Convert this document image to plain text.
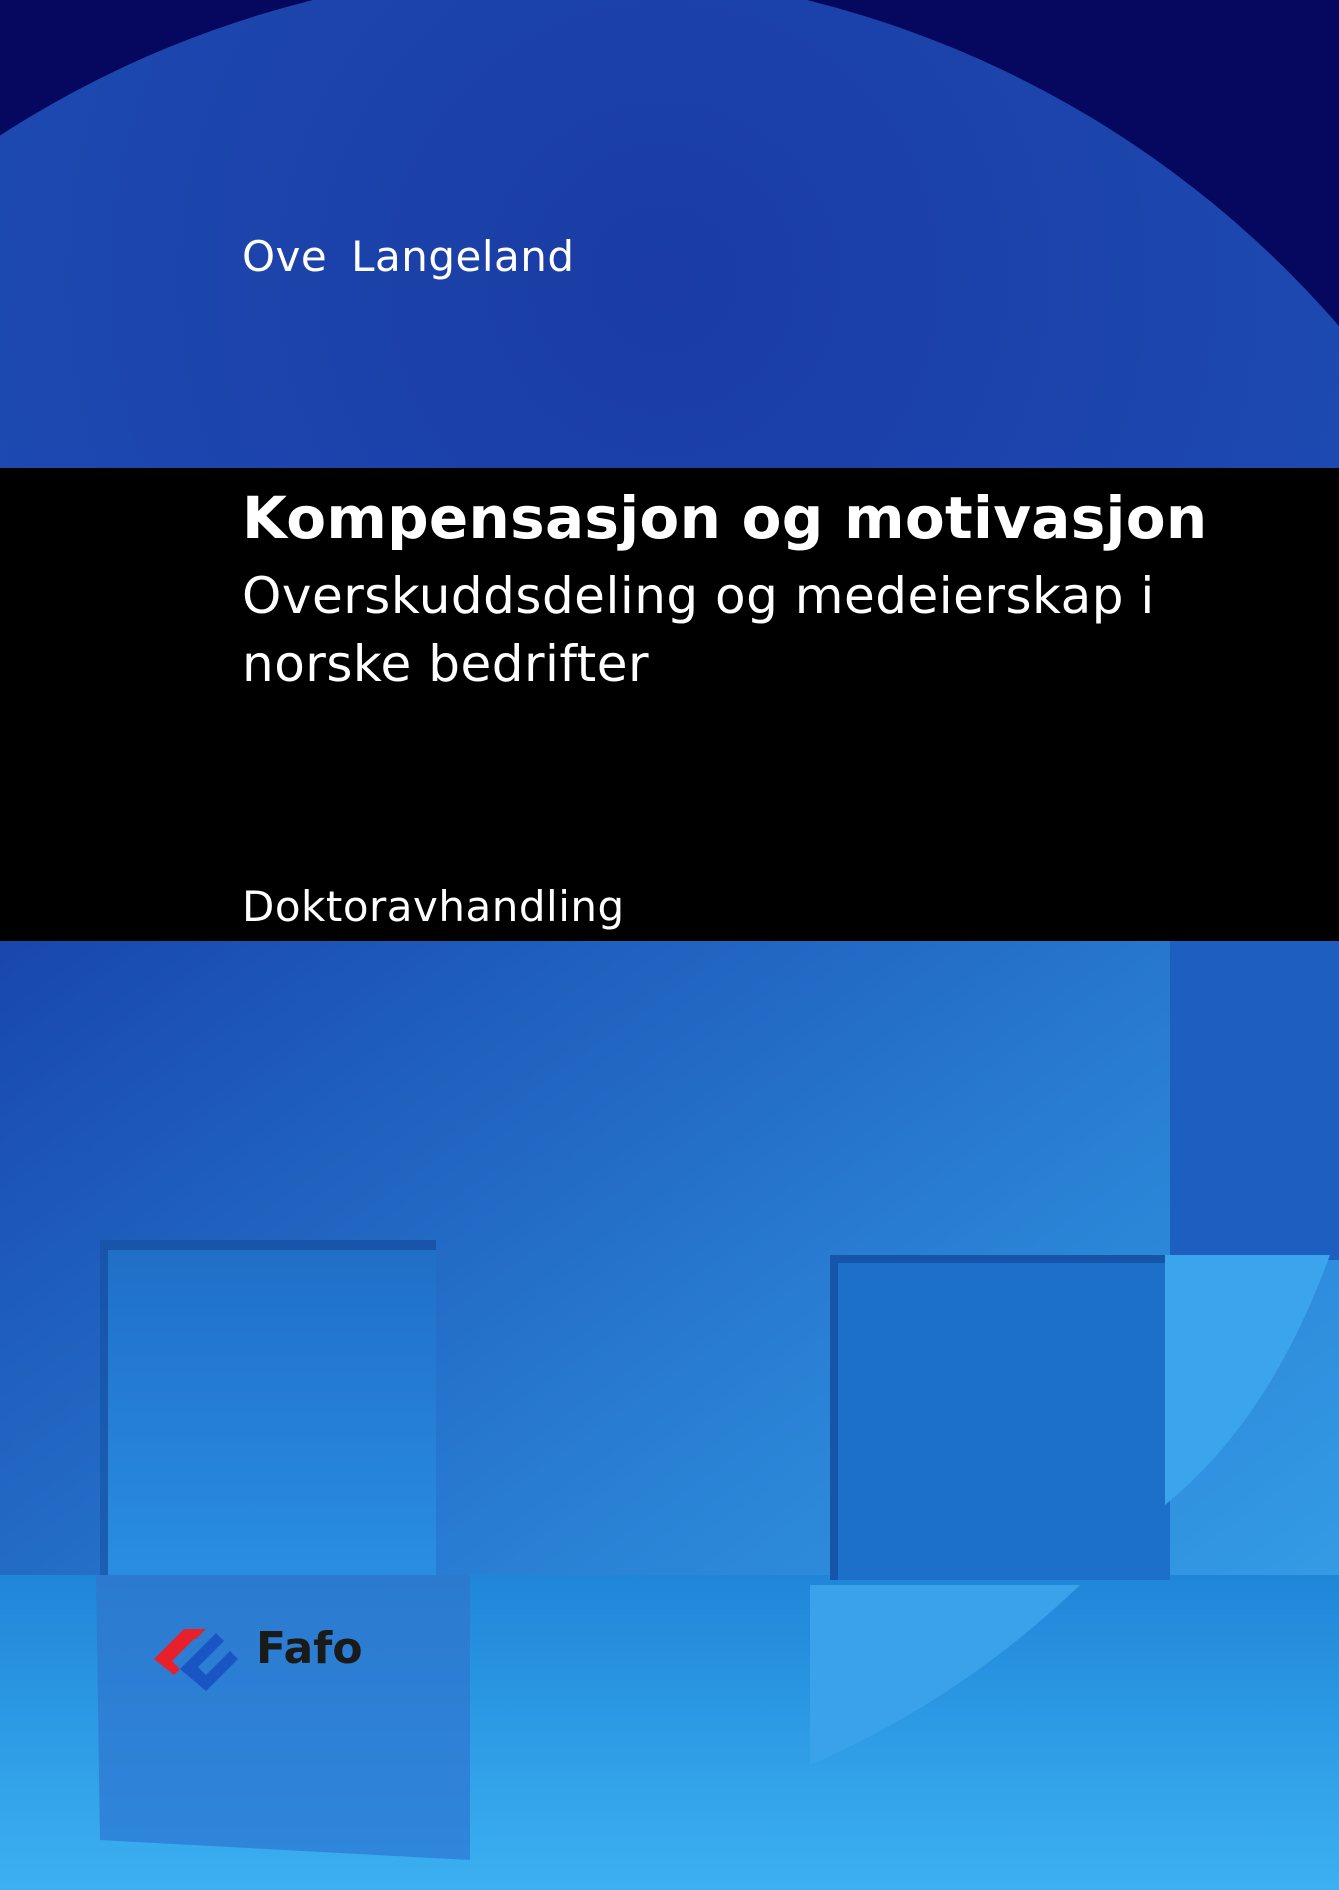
Ove Langeland
Kompensasjon og motivasjon
Overskuddsdeling og medeierskap i norske bedrifter
Doktoravhandling
Fafo
